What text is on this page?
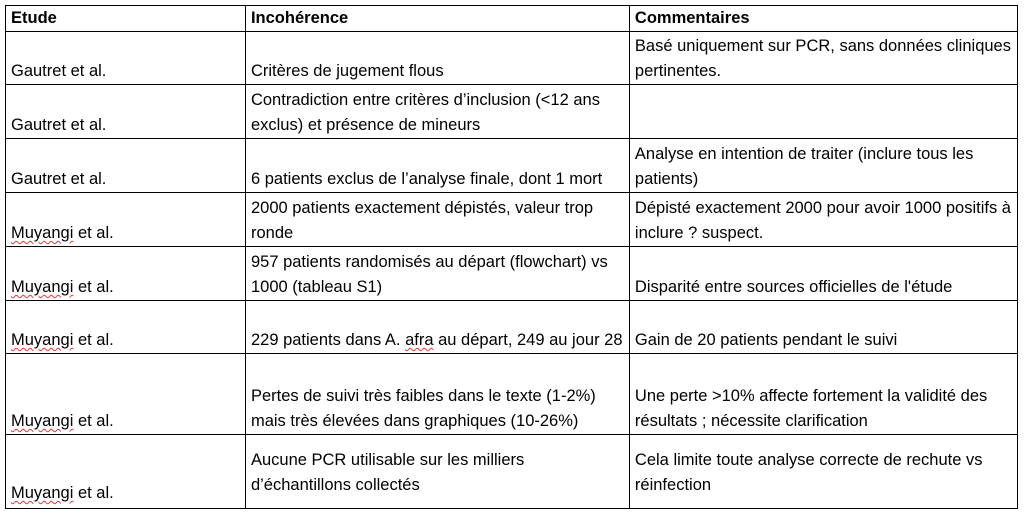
Etude	Incohérence	Commentaires
Gautret et al.	Critères de jugement flous	Basé uniquement sur PCR, sans données cliniques pertinentes.
Gautret et al.	Contradiction entre critères d’inclusion (<12 ans exclus) et présence de mineurs	
Gautret et al.	6 patients exclus de l’analyse finale, dont 1 mort	Analyse en intention de traiter (inclure tous les patients)
Muyangi et al.	2000 patients exactement dépistés, valeur trop ronde	Dépisté exactement 2000 pour avoir 1000 positifs à inclure ? suspect.
Muyangi et al.	957 patients randomisés au départ (flowchart) vs 1000 (tableau S1)	Disparité entre sources officielles de l'étude
Muyangi et al.	229 patients dans A. afra au départ, 249 au jour 28	Gain de 20 patients pendant le suivi
Muyangi et al.	Pertes de suivi très faibles dans le texte (1-2%) mais très élevées dans graphiques (10-26%)	Une perte >10% affecte fortement la validité des résultats ; nécessite clarification
Muyangi et al.	Aucune PCR utilisable sur les milliers d’échantillons collectés	Cela limite toute analyse correcte de rechute vs réinfection
